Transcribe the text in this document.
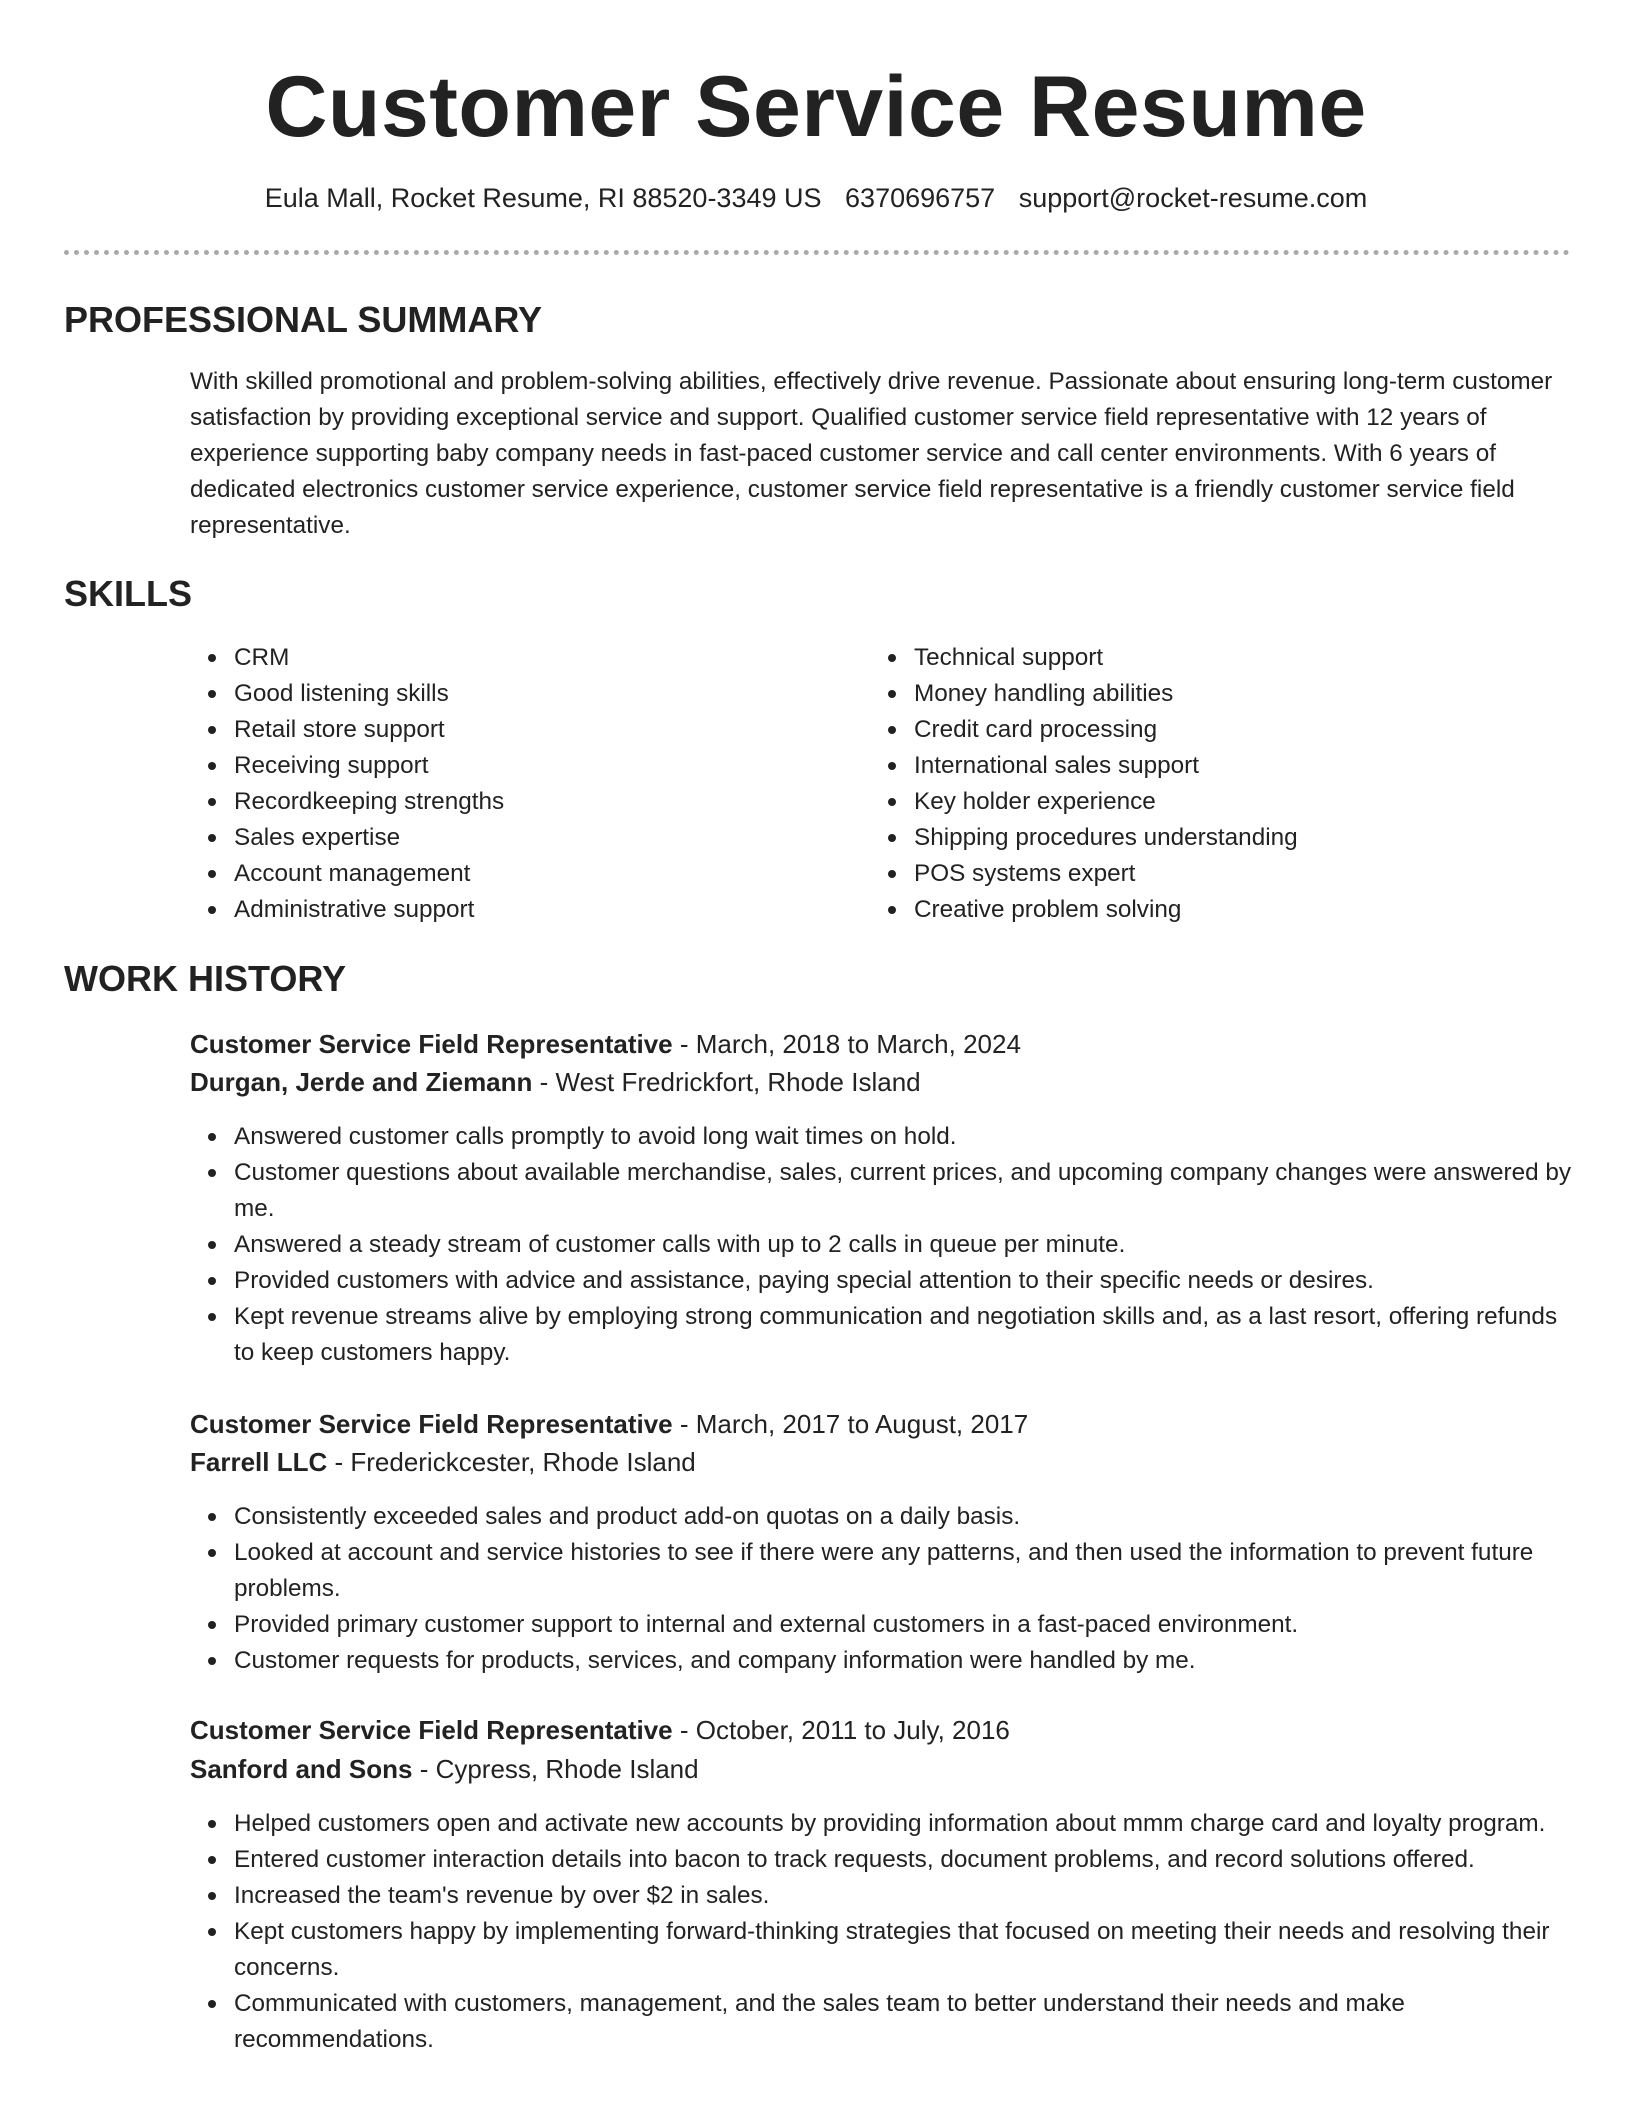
Customer Service Resume
Eula Mall, Rocket Resume, RI 88520-3349 US 6370696757 support@rocket-resume.com
PROFESSIONAL SUMMARY

With skilled promotional and problem-solving abilities, effectively drive revenue. Passionate about ensuring long-term customer satisfaction by providing exceptional service and support. Qualified customer service field representative with 12 years of experience supporting baby company needs in fast-paced customer service and call center environments. With 6 years of dedicated electronics customer service experience, customer service field representative is a friendly customer service field representative.

SKILLS
CRM
Good listening skills
Retail store support
Receiving support
Recordkeeping strengths
Sales expertise
Account management
Administrative support
Technical support
Money handling abilities
Credit card processing
International sales support
Key holder experience
Shipping procedures understanding
POS systems expert
Creative problem solving
WORK HISTORY
Customer Service Field Representative - March, 2018 to March, 2024
Durgan, Jerde and Ziemann - West Fredrickfort, Rhode Island
Answered customer calls promptly to avoid long wait times on hold.
Customer questions about available merchandise, sales, current prices, and upcoming company changes were answered by me.
Answered a steady stream of customer calls with up to 2 calls in queue per minute.
Provided customers with advice and assistance, paying special attention to their specific needs or desires.
Kept revenue streams alive by employing strong communication and negotiation skills and, as a last resort, offering refunds to keep customers happy.
Customer Service Field Representative - March, 2017 to August, 2017
Farrell LLC - Frederickcester, Rhode Island
Consistently exceeded sales and product add-on quotas on a daily basis.
Looked at account and service histories to see if there were any patterns, and then used the information to prevent future problems.
Provided primary customer support to internal and external customers in a fast-paced environment.
Customer requests for products, services, and company information were handled by me.
Customer Service Field Representative - October, 2011 to July, 2016
Sanford and Sons - Cypress, Rhode Island
Helped customers open and activate new accounts by providing information about mmm charge card and loyalty program.
Entered customer interaction details into bacon to track requests, document problems, and record solutions offered.
Increased the team's revenue by over $2 in sales.
Kept customers happy by implementing forward-thinking strategies that focused on meeting their needs and resolving their concerns.
Communicated with customers, management, and the sales team to better understand their needs and make recommendations.
